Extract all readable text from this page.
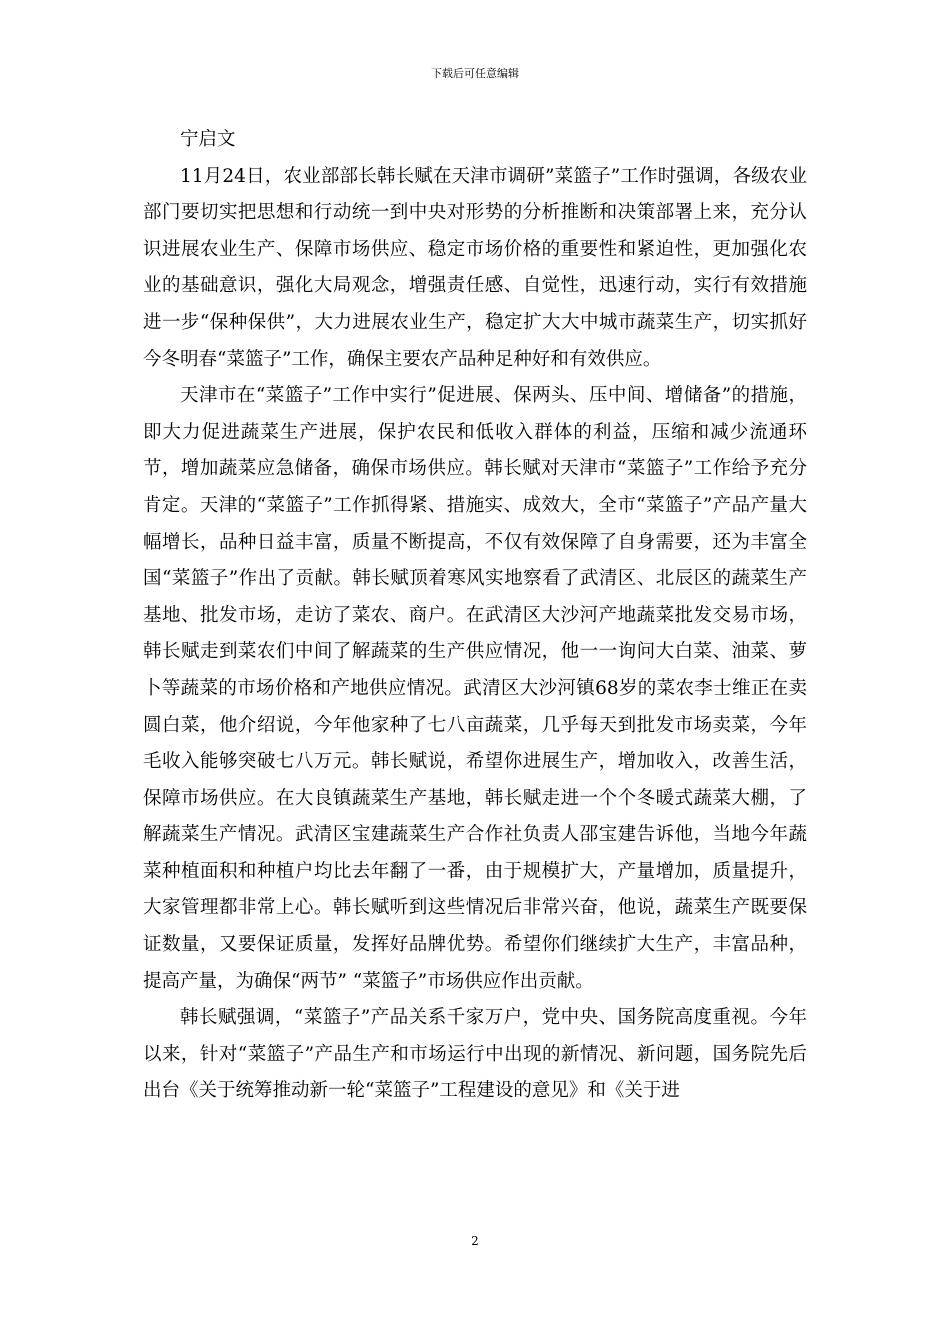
下载后可任意编辑

宁启文

11月24日，农业部部长韩长赋在天津市调研”菜篮子”工作时强调，各级农业部门要切实把思想和行动统一到中央对形势的分析推断和决策部署上来，充分认识进展农业生产、保障市场供应、稳定市场价格的重要性和紧迫性，更加强化农业的基础意识，强化大局观念，增强责任感、自觉性，迅速行动，实行有效措施进一步“保种保供”，大力进展农业生产，稳定扩大大中城市蔬菜生产，切实抓好今冬明春“菜篮子”工作，确保主要农产品种足种好和有效供应。

天津市在“菜篮子”工作中实行”促进展、保两头、压中间、增储备”的措施，即大力促进蔬菜生产进展，保护农民和低收入群体的利益，压缩和减少流通环节，增加蔬菜应急储备，确保市场供应。韩长赋对天津市“菜篮子”工作给予充分肯定。天津的“菜篮子”工作抓得紧、措施实、成效大，全市“菜篮子”产品产量大幅增长，品种日益丰富，质量不断提高，不仅有效保障了自身需要，还为丰富全国“菜篮子”作出了贡献。韩长赋顶着寒风实地察看了武清区、北辰区的蔬菜生产基地、批发市场，走访了菜农、商户。在武清区大沙河产地蔬菜批发交易市场，韩长赋走到菜农们中间了解蔬菜的生产供应情况，他一一询问大白菜、油菜、萝卜等蔬菜的市场价格和产地供应情况。武清区大沙河镇68岁的菜农李士维正在卖圆白菜，他介绍说，今年他家种了七八亩蔬菜，几乎每天到批发市场卖菜，今年毛收入能够突破七八万元。韩长赋说，希望你进展生产，增加收入，改善生活，保障市场供应。在大良镇蔬菜生产基地，韩长赋走进一个个冬暖式蔬菜大棚，了解蔬菜生产情况。武清区宝建蔬菜生产合作社负责人邵宝建告诉他，当地今年蔬菜种植面积和种植户均比去年翻了一番，由于规模扩大，产量增加，质量提升，大家管理都非常上心。韩长赋听到这些情况后非常兴奋，他说，蔬菜生产既要保证数量，又要保证质量，发挥好品牌优势。希望你们继续扩大生产，丰富品种，提高产量，为确保“两节” “菜篮子”市场供应作出贡献。

韩长赋强调，“菜篮子”产品关系千家万户，党中央、国务院高度重视。今年以来，针对“菜篮子”产品生产和市场运行中出现的新情况、新问题，国务院先后出台《关于统筹推动新一轮“菜篮子”工程建设的意见》和《关于进

2
